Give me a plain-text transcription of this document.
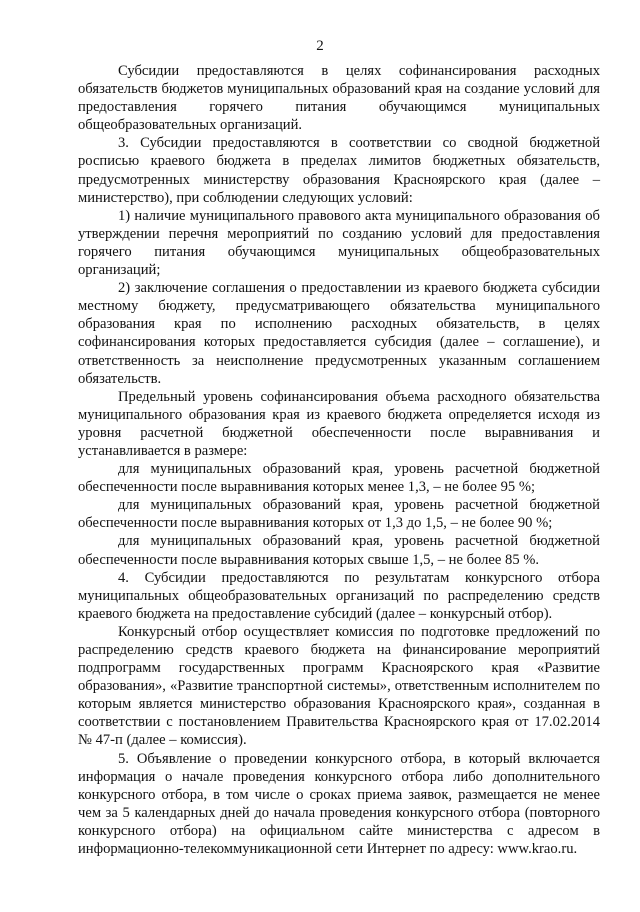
2

Субсидии предоставляются в целях софинансирования расходных обязательств бюджетов муниципальных образований края на создание условий для предоставления горячего питания обучающимся муниципальных общеобразовательных организаций.

3. Субсидии предоставляются в соответствии со сводной бюджетной росписью краевого бюджета в пределах лимитов бюджетных обязательств, предусмотренных министерству образования Красноярского края (далее – министерство), при соблюдении следующих условий:

1) наличие муниципального правового акта муниципального образования об утверждении перечня мероприятий по созданию условий для предоставления горячего питания обучающимся муниципальных общеобразовательных организаций;

2) заключение соглашения о предоставлении из краевого бюджета субсидии местному бюджету, предусматривающего обязательства муниципального образования края по исполнению расходных обязательств, в целях софинансирования которых предоставляется субсидия (далее – соглашение), и ответственность за неисполнение предусмотренных указанным соглашением обязательств.

Предельный уровень софинансирования объема расходного обязательства муниципального образования края из краевого бюджета определяется исходя из уровня расчетной бюджетной обеспеченности после выравнивания и устанавливается в размере:

для муниципальных образований края, уровень расчетной бюджетной обеспеченности после выравнивания которых менее 1,3, – не более 95 %;

для муниципальных образований края, уровень расчетной бюджетной обеспеченности после выравнивания которых от 1,3 до 1,5, – не более 90 %;

для муниципальных образований края, уровень расчетной бюджетной обеспеченности после выравнивания которых свыше 1,5, – не более 85 %.

4. Субсидии предоставляются по результатам конкурсного отбора муниципальных общеобразовательных организаций по распределению средств краевого бюджета на предоставление субсидий (далее – конкурсный отбор).

Конкурсный отбор осуществляет комиссия по подготовке предложений по распределению средств краевого бюджета на финансирование мероприятий подпрограмм государственных программ Красноярского края «Развитие образования», «Развитие транспортной системы», ответственным исполнителем по которым является министерство образования Красноярского края», созданная в соответствии с постановлением Правительства Красноярского края от 17.02.2014 № 47-п (далее – комиссия).

5. Объявление о проведении конкурсного отбора, в который включается информация о начале проведения конкурсного отбора либо дополнительного конкурсного отбора, в том числе о сроках приема заявок, размещается не менее чем за 5 календарных дней до начала проведения конкурсного отбора (повторного конкурсного отбора) на официальном сайте министерства с адресом в информационно-телекоммуникационной сети Интернет по адресу: www.krao.ru.
